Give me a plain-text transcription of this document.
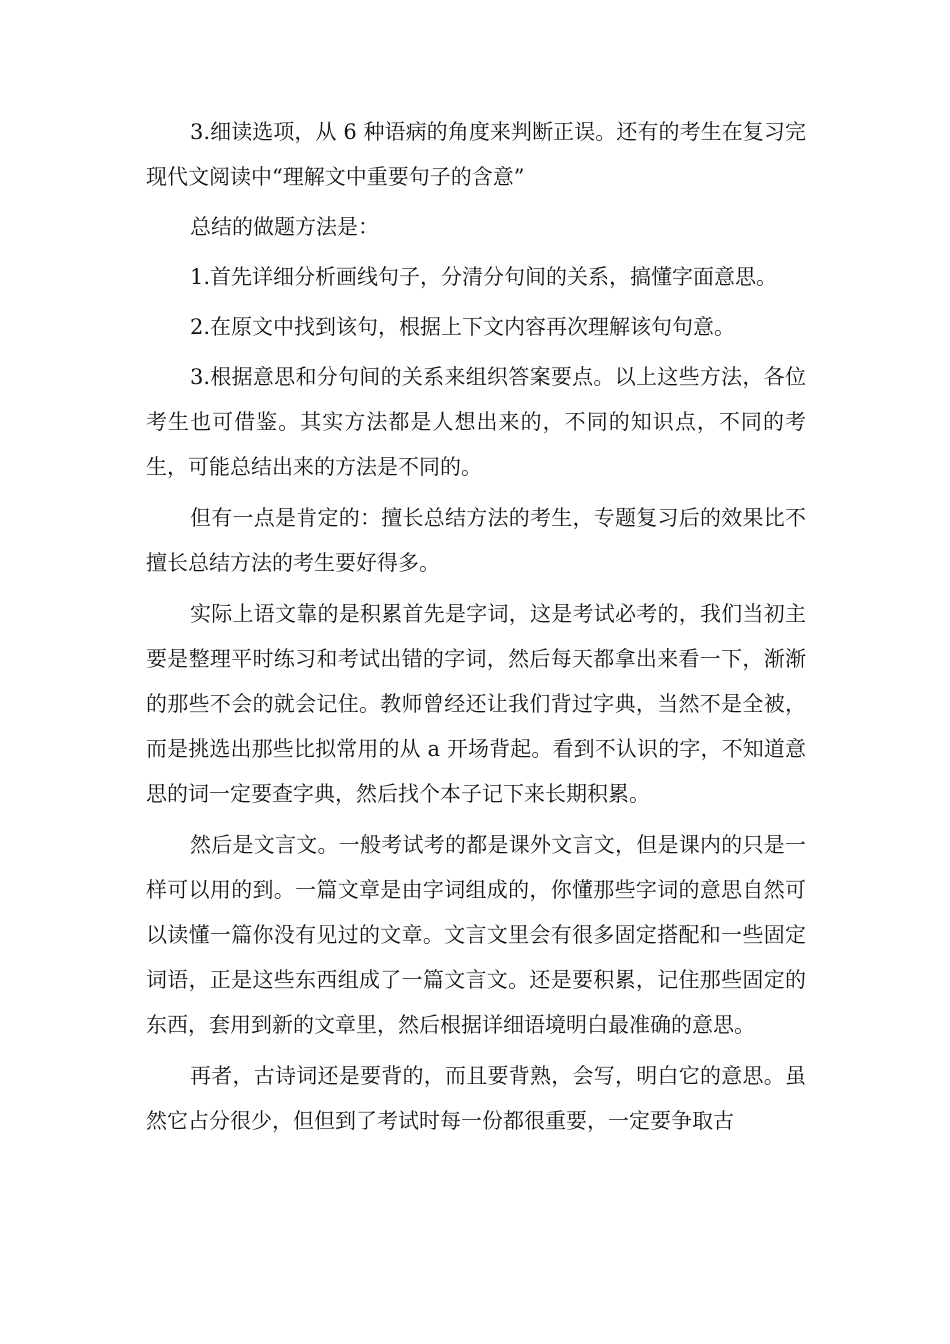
3.细读选项，从 6 种语病的角度来判断正误。还有的考生在复习完现代文阅读中“理解文中重要句子的含意”

总结的做题方法是：

1.首先详细分析画线句子，分清分句间的关系，搞懂字面意思。

2.在原文中找到该句，根据上下文内容再次理解该句句意。

3.根据意思和分句间的关系来组织答案要点。以上这些方法，各位考生也可借鉴。其实方法都是人想出来的，不同的知识点，不同的考生，可能总结出来的方法是不同的。

但有一点是肯定的：擅长总结方法的考生，专题复习后的效果比不擅长总结方法的考生要好得多。

实际上语文靠的是积累首先是字词，这是考试必考的，我们当初主要是整理平时练习和考试出错的字词，然后每天都拿出来看一下，渐渐的那些不会的就会记住。教师曾经还让我们背过字典，当然不是全被，而是挑选出那些比拟常用的从 a 开场背起。看到不认识的字，不知道意思的词一定要查字典，然后找个本子记下来长期积累。

然后是文言文。一般考试考的都是课外文言文，但是课内的只是一样可以用的到。一篇文章是由字词组成的，你懂那些字词的意思自然可以读懂一篇你没有见过的文章。文言文里会有很多固定搭配和一些固定词语，正是这些东西组成了一篇文言文。还是要积累，记住那些固定的东西，套用到新的文章里，然后根据详细语境明白最准确的意思。

再者，古诗词还是要背的，而且要背熟，会写，明白它的意思。虽然它占分很少，但但到了考试时每一份都很重要，一定要争取古
